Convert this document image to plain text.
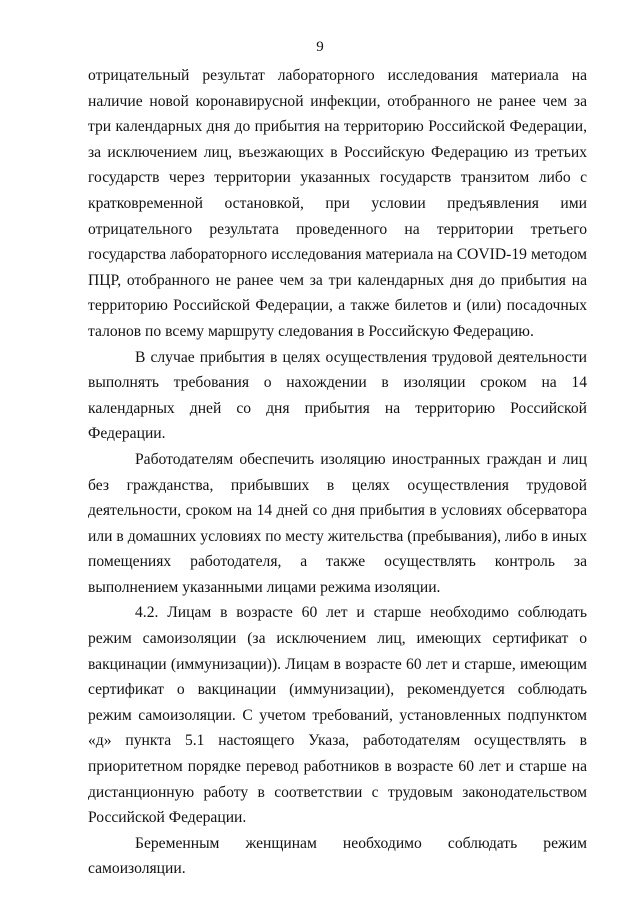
9

отрицательный результат лабораторного исследования материала на наличие новой коронавирусной инфекции, отобранного не ранее чем за три календарных дня до прибытия на территорию Российской Федерации, за исключением лиц, въезжающих в Российскую Федерацию из третьих государств через территории указанных государств транзитом либо с кратковременной остановкой, при условии предъявления ими отрицательного результата проведенного на территории третьего государства лабораторного исследования материала на COVID-19 методом ПЦР, отобранного не ранее чем за три календарных дня до прибытия на территорию Российской Федерации, а также билетов и (или) посадочных талонов по всему маршруту следования в Российскую Федерацию.

В случае прибытия в целях осуществления трудовой деятельности выполнять требования о нахождении в изоляции сроком на 14 календарных дней со дня прибытия на территорию Российской Федерации.

Работодателям обеспечить изоляцию иностранных граждан и лиц без гражданства, прибывших в целях осуществления трудовой деятельности, сроком на 14 дней со дня прибытия в условиях обсерватора или в домашних условиях по месту жительства (пребывания), либо в иных помещениях работодателя, а также осуществлять контроль за выполнением указанными лицами режима изоляции.

4.2. Лицам в возрасте 60 лет и старше необходимо соблюдать режим самоизоляции (за исключением лиц, имеющих сертификат о вакцинации (иммунизации)). Лицам в возрасте 60 лет и старше, имеющим сертификат о вакцинации (иммунизации), рекомендуется соблюдать режим самоизоляции. С учетом требований, установленных подпунктом «д» пункта 5.1 настоящего Указа, работодателям осуществлять в приоритетном порядке перевод работников в возрасте 60 лет и старше на дистанционную работу в соответствии с трудовым законодательством Российской Федерации.

Беременным женщинам необходимо соблюдать режим самоизоляции.
